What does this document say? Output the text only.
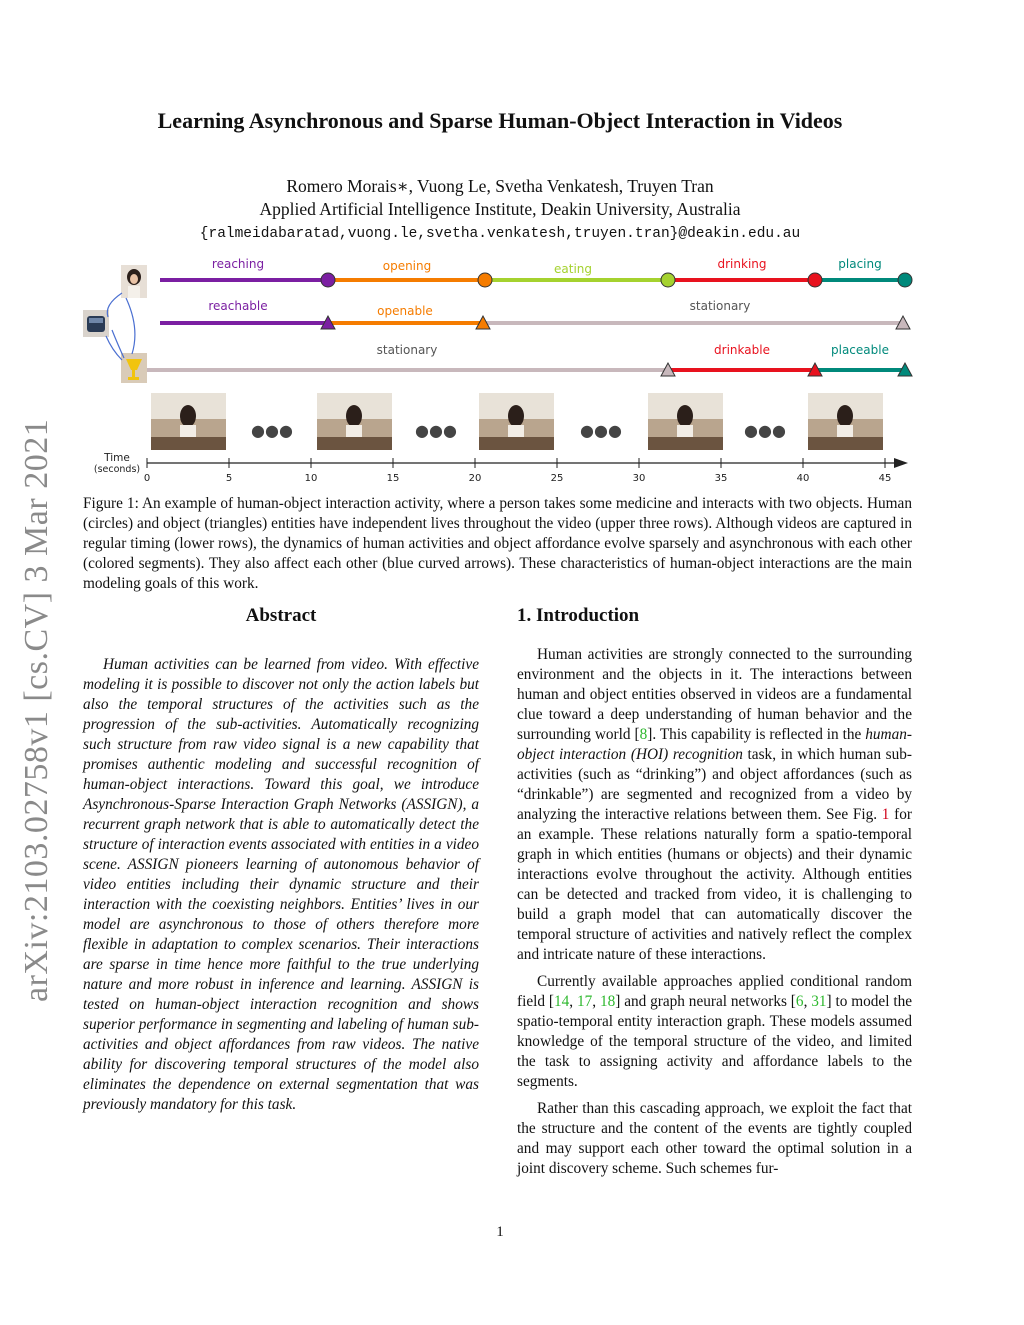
arXiv:2103.02758v1 [cs.CV] 3 Mar 2021
Learning Asynchronous and Sparse Human-Object Interaction in Videos
Romero Morais∗, Vuong Le, Svetha Venkatesh, Truyen Tran
Applied Artificial Intelligence Institute, Deakin University, Australia
{ralmeidabaratad,vuong.le,svetha.venkatesh,truyen.tran}@deakin.edu.au
reaching	opening	eating	drinking	placing
reachable	openable	stationary
stationary	drinkable	placeable
●●●	●●●	●●●	●●●
Time
(seconds)
0	5	10	15	20	25	30	35	40	45
Figure 1: An example of human-object interaction activity, where a person takes some medicine and interacts with two objects. Human (circles) and object (triangles) entities have independent lives throughout the video (upper three rows). Although videos are captured in regular timing (lower rows), the dynamics of human activities and object affordance evolve sparsely and asynchronous with each other (colored segments). They also affect each other (blue curved arrows). These characteristics of human-object interactions are the main modeling goals of this work.
Abstract
Human activities can be learned from video. With effective modeling it is possible to discover not only the action labels but also the temporal structures of the activities such as the progression of the sub-activities. Automatically recognizing such structure from raw video signal is a new capability that promises authentic modeling and successful recognition of human-object interactions. Toward this goal, we introduce Asynchronous-Sparse Interaction Graph Networks (ASSIGN), a recurrent graph network that is able to automatically detect the structure of interaction events associated with entities in a video scene. ASSIGN pioneers learning of autonomous behavior of video entities including their dynamic structure and their interaction with the coexisting neighbors. Entities’ lives in our model are asynchronous to those of others therefore more flexible in adaptation to complex scenarios. Their interactions are sparse in time hence more faithful to the true underlying nature and more robust in inference and learning. ASSIGN is tested on human-object interaction recognition and shows superior performance in segmenting and labeling of human sub-activities and object affordances from raw videos. The native ability for discovering temporal structures of the model also eliminates the dependence on external segmentation that was previously mandatory for this task.
1. Introduction

Human activities are strongly connected to the surrounding environment and the objects in it. The interactions between human and object entities observed in videos are a fundamental clue toward a deep understanding of human behavior and the surrounding world [8]. This capability is reflected in the human-object interaction (HOI) recognition task, in which human sub-activities (such as “drinking”) and object affordances (such as “drinkable”) are segmented and recognized from a video by analyzing the interactive relations between them. See Fig. 1 for an example. These relations naturally form a spatio-temporal graph in which entities (humans or objects) and their dynamic interactions evolve throughout the activity. Although entities can be detected and tracked from video, it is challenging to build a graph model that can automatically discover the temporal structure of activities and natively reflect the complex and intricate nature of these interactions.

Currently available approaches applied conditional random field [14, 17, 18] and graph neural networks [6, 31] to model the spatio-temporal entity interaction graph. These models assumed knowledge of the temporal structure of the video, and limited the task to assigning activity and affordance labels to the segments.

Rather than this cascading approach, we exploit the fact that the structure and the content of the events are tightly coupled and may support each other toward the optimal solution in a joint discovery scheme. Such schemes fur-

1
